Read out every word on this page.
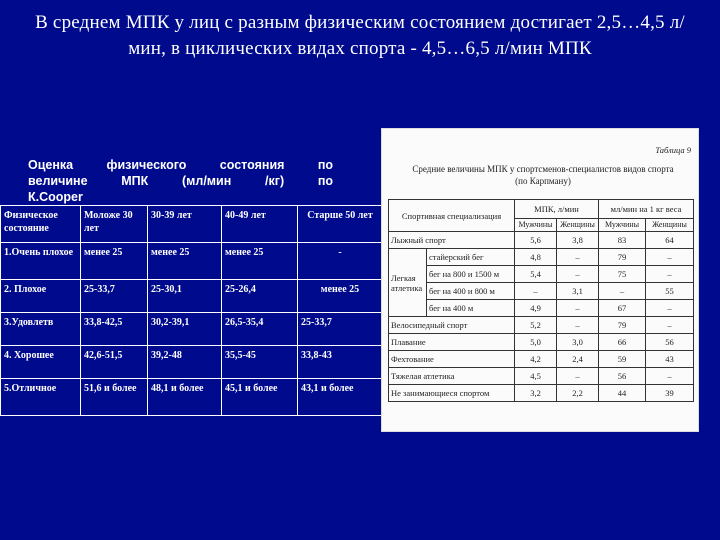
В среднем МПК у лиц с разным физическим состоянием достигает 2,5…4,5 л/мин, в циклических видах спорта - 4,5…6,5 л/мин МПК
Оценка физического состояния по
величине МПК (мл/мин /кг) по
К.Cooper
Физическое состояние	Моложе 30 лет	30-39 лет	40-49 лет	Старше 50 лет
1.Очень плохое	менее 25	менее 25	менее 25	-
2. Плохое	25-33,7	25-30,1	25-26,4	менее 25
3.Удовлетв	33,8-42,5	30,2-39,1	26,5-35,4	25-33,7
4. Хорошее	42,6-51,5	39,2-48	35,5-45	33,8-43
5.Отличное	51,6 и более	48,1 и более	45,1 и более	43,1 и более
Таблица 9
Средние величины МПК у спортсменов-специалистов видов спорта
(по Карпману)
Спортивная специализация		МПК, л/мин		мл/мин на 1 кг веса	
		Мужчины	Женщины	Мужчины	Женщины
Лыжный спорт		5,6	3,8	83	64
Легкая атлетика	стайерский бег	4,8	–	79	–
	бег на 800 и 1500 м	5,4	–	75	–
	бег на 400 и 800 м	–	3,1	–	55
	бег на 400 м	4,9	–	67	–
Велосипедный спорт		5,2	–	79	–
Плавание		5,0	3,0	66	56
Фехтование		4,2	2,4	59	43
Тяжелая атлетика		4,5	–	56	–
Не занимающиеся спортом		3,2	2,2	44	39
